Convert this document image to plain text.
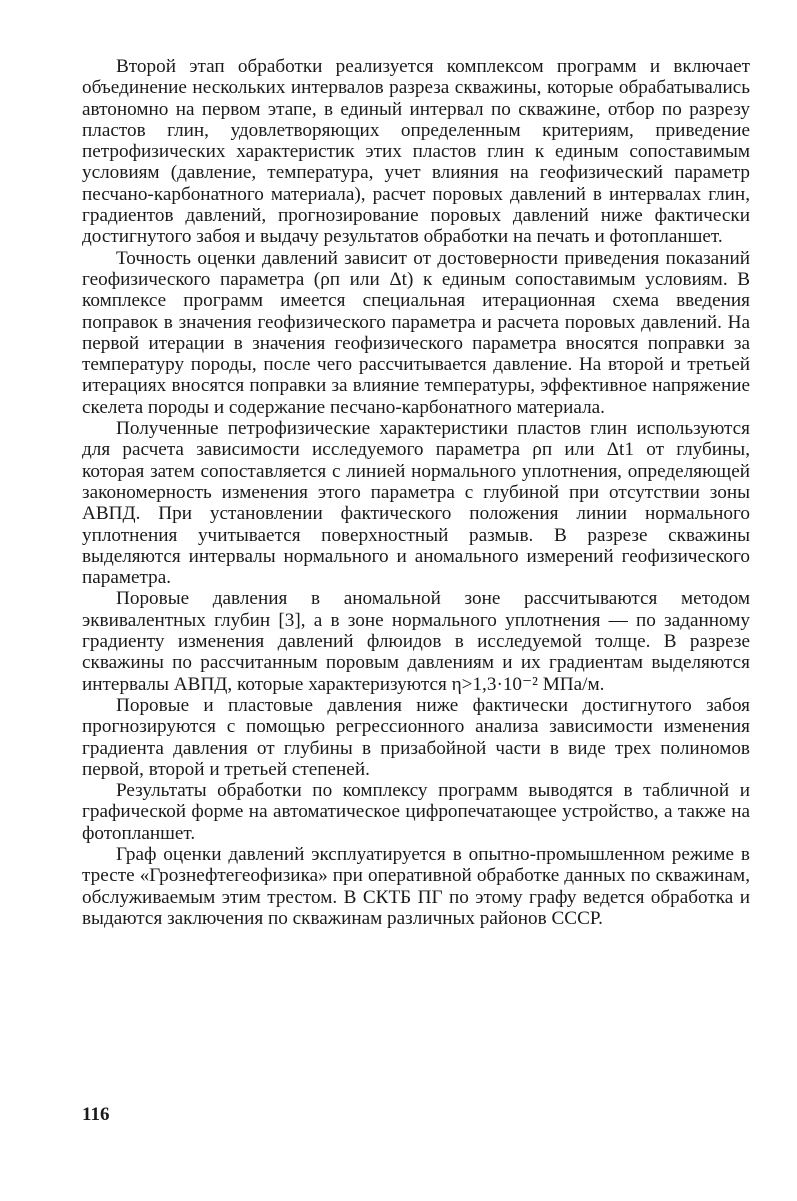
Второй этап обработки реализуется комплексом программ и включает объединение нескольких интервалов разреза скважины, которые обрабатывались автономно на первом этапе, в единый интервал по скважине, отбор по разрезу пластов глин, удовлетворяющих определенным критериям, приведение петрофизических характеристик этих пластов глин к единым сопоставимым условиям (давление, температура, учет влияния на геофизический параметр песчано-карбонатного материала), расчет поровых давлений в интервалах глин, градиентов давлений, прогнозирование поровых давлений ниже фактически достигнутого забоя и выдачу результатов обработки на печать и фотопланшет.

Точность оценки давлений зависит от достоверности приведения показаний геофизического параметра (ρп или Δt) к единым сопоставимым условиям. В комплексе программ имеется специальная итерационная схема введения поправок в значения геофизического параметра и расчета поровых давлений. На первой итерации в значения геофизического параметра вносятся поправки за температуру породы, после чего рассчитывается давление. На второй и третьей итерациях вносятся поправки за влияние температуры, эффективное напряжение скелета породы и содержание песчано-карбонатного материала.

Полученные петрофизические характеристики пластов глин используются для расчета зависимости исследуемого параметра ρп или Δt1 от глубины, которая затем сопоставляется с линией нормального уплотнения, определяющей закономерность изменения этого параметра с глубиной при отсутствии зоны АВПД. При установлении фактического положения линии нормального уплотнения учитывается поверхностный размыв. В разрезе скважины выделяются интервалы нормального и аномального измерений геофизического параметра.

Поровые давления в аномальной зоне рассчитываются методом эквивалентных глубин [3], а в зоне нормального уплотнения — по заданному градиенту изменения давлений флюидов в исследуемой толще. В разрезе скважины по рассчитанным поровым давлениям и их градиентам выделяются интервалы АВПД, которые характеризуются η>1,3·10⁻² МПа/м.

Поровые и пластовые давления ниже фактически достигнутого забоя прогнозируются с помощью регрессионного анализа зависимости изменения градиента давления от глубины в призабойной части в виде трех полиномов первой, второй и третьей степеней.

Результаты обработки по комплексу программ выводятся в табличной и графической форме на автоматическое цифропечатающее устройство, а также на фотопланшет.

Граф оценки давлений эксплуатируется в опытно-промышленном режиме в тресте «Грознефтегеофизика» при оперативной обработке данных по скважинам, обслуживаемым этим трестом. В СКТБ ПГ по этому графу ведется обработка и выдаются заключения по скважинам различных районов СССР.

116
